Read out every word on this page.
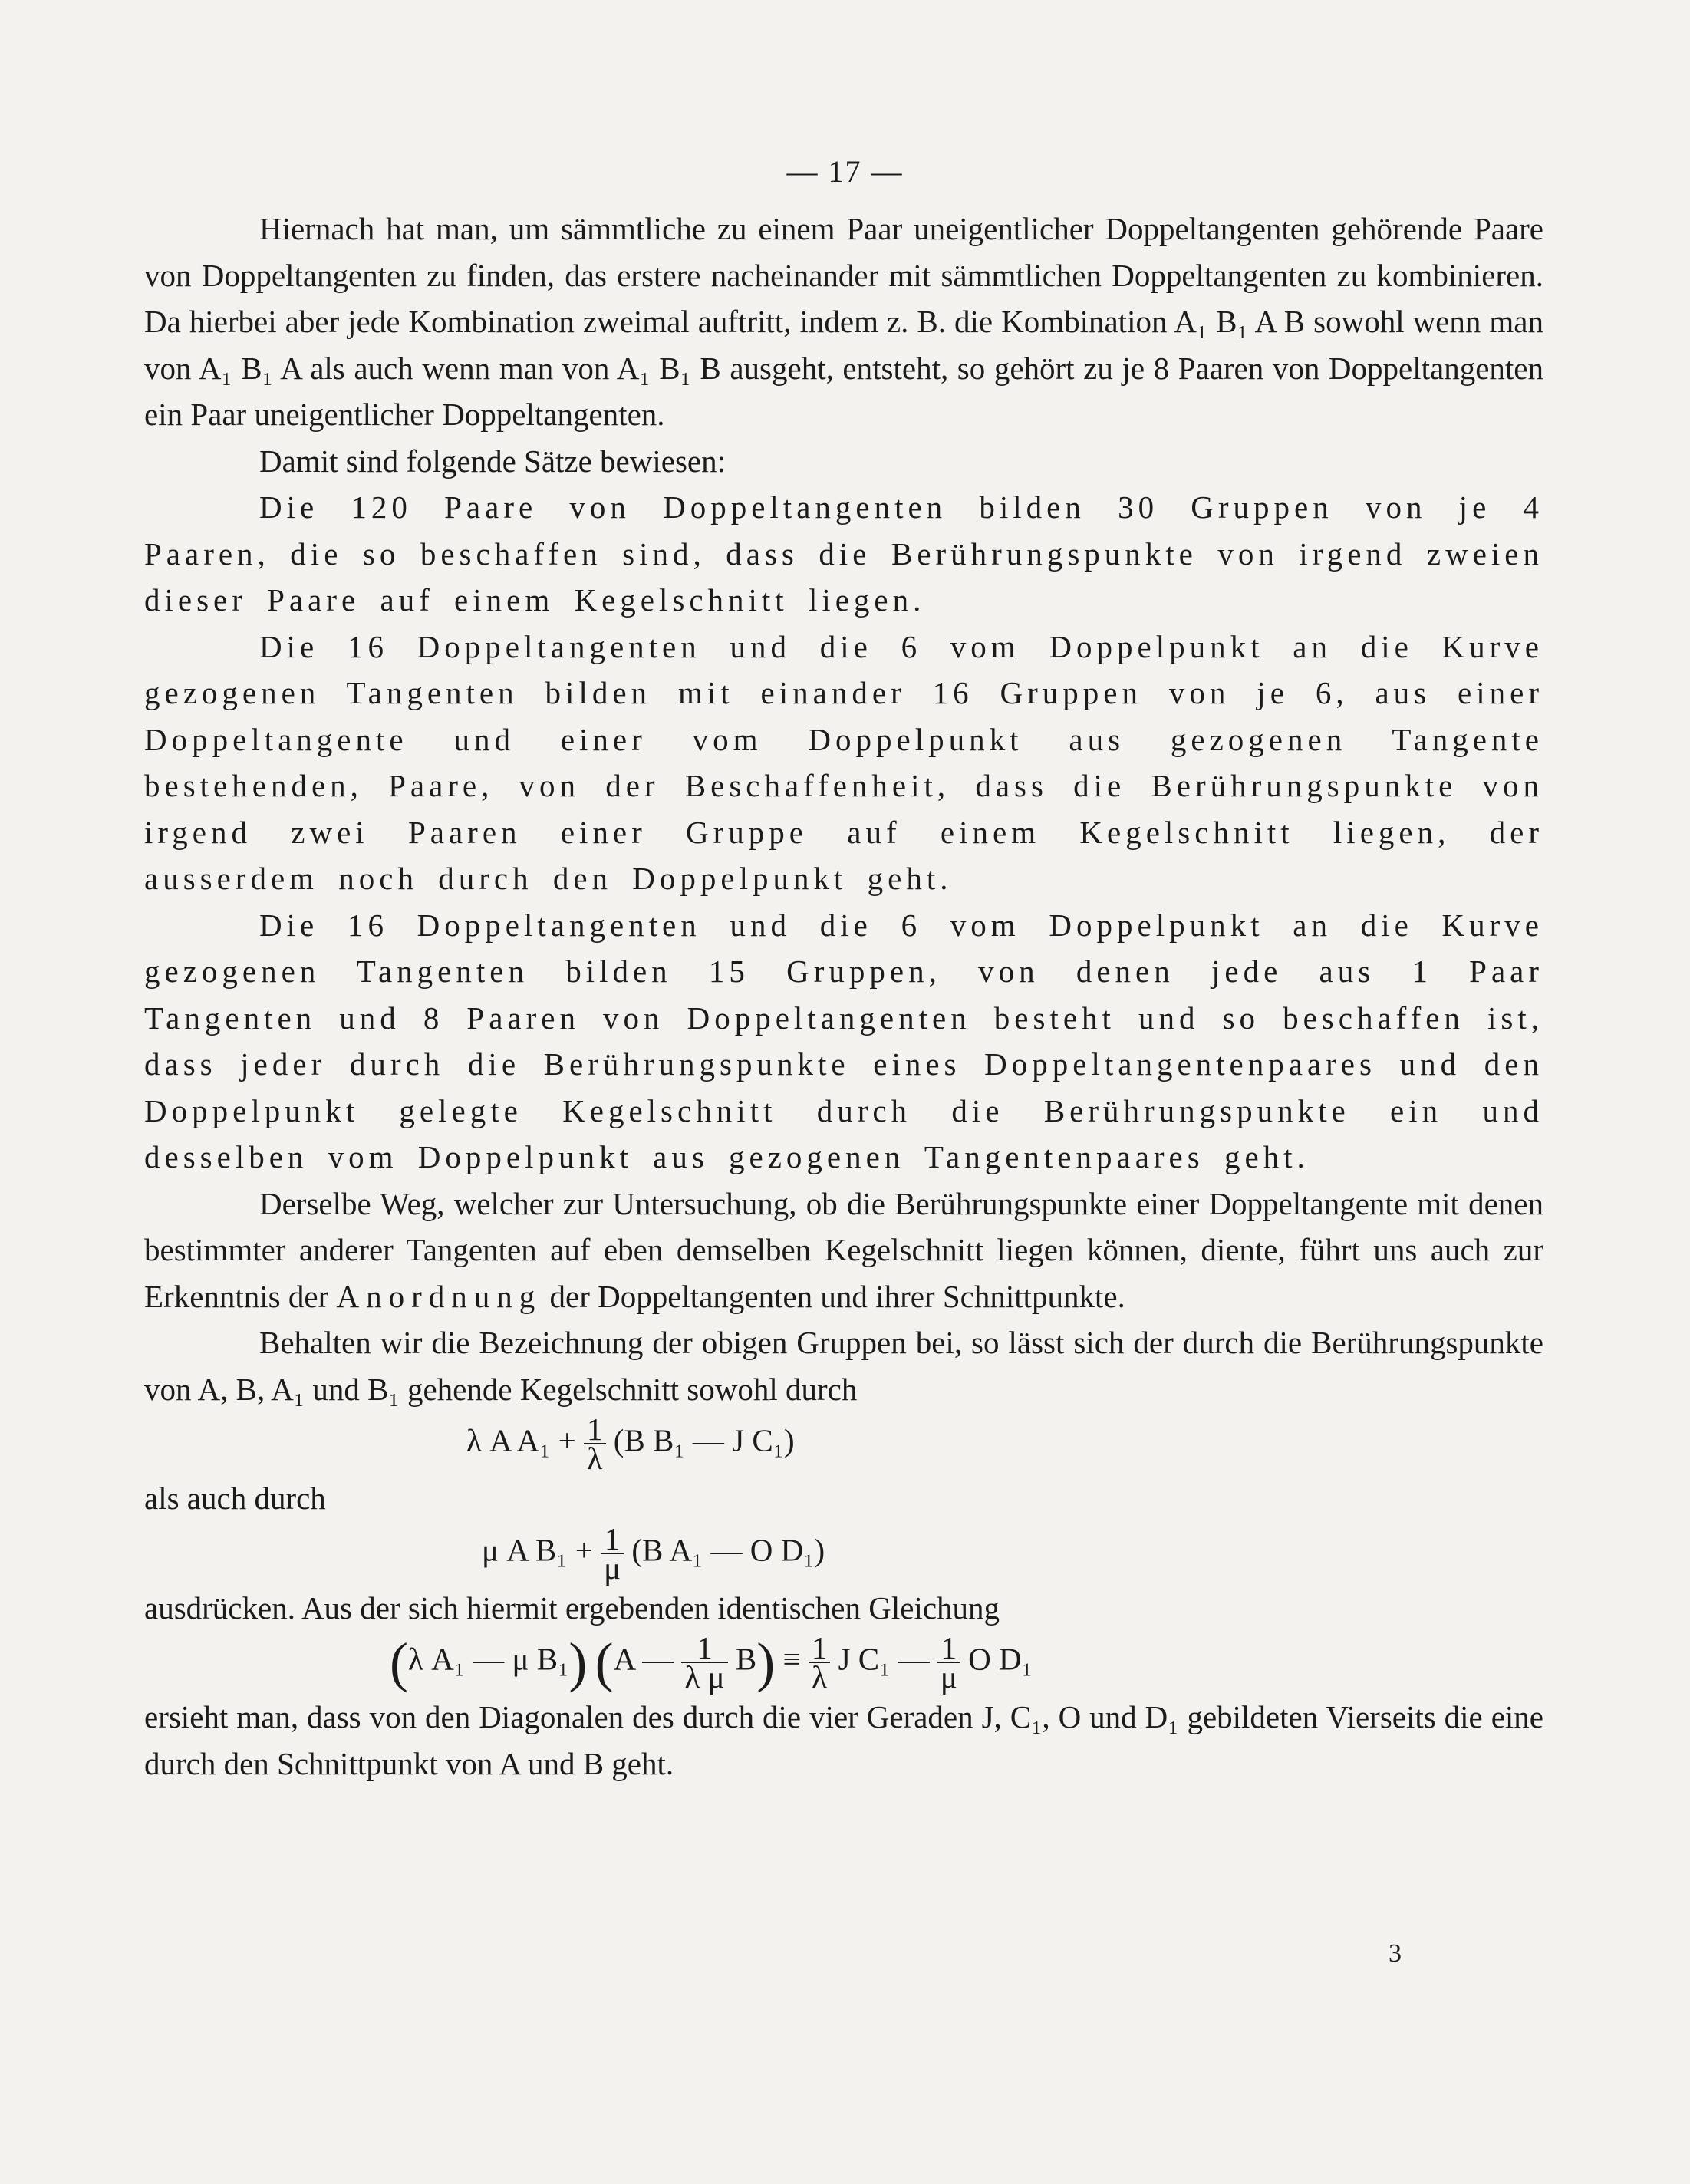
— 17 —

Hiernach hat man, um sämmtliche zu einem Paar uneigentlicher Doppeltangenten gehörende Paare von Doppeltangenten zu finden, das erstere nacheinander mit sämmtlichen Doppeltangenten zu kombinieren. Da hierbei aber jede Kombination zweimal auftritt, indem z. B. die Kombination A₁ B₁ A B sowohl wenn man von A₁ B₁ A als auch wenn man von A₁ B₁ B ausgeht, entsteht, so gehört zu je 8 Paaren von Doppeltangenten ein Paar uneigentlicher Doppeltangenten.

Damit sind folgende Sätze bewiesen:

Die 120 Paare von Doppeltangenten bilden 30 Gruppen von je 4 Paaren, die so beschaffen sind, dass die Berührungspunkte von irgend zweien dieser Paare auf einem Kegelschnitt liegen.

Die 16 Doppeltangenten und die 6 vom Doppelpunkt an die Kurve gezogenen Tangenten bilden mit einander 16 Gruppen von je 6, aus einer Doppeltangente und einer vom Doppelpunkt aus gezogenen Tangente bestehenden, Paare, von der Beschaffenheit, dass die Berührungspunkte von irgend zwei Paaren einer Gruppe auf einem Kegelschnitt liegen, der ausserdem noch durch den Doppelpunkt geht.

Die 16 Doppeltangenten und die 6 vom Doppelpunkt an die Kurve gezogenen Tangenten bilden 15 Gruppen, von denen jede aus 1 Paar Tangenten und 8 Paaren von Doppeltangenten besteht und so beschaffen ist, dass jeder durch die Berührungspunkte eines Doppeltangentenpaares und den Doppelpunkt gelegte Kegelschnitt durch die Berührungspunkte ein und desselben vom Doppelpunkt aus gezogenen Tangentenpaares geht.

Derselbe Weg, welcher zur Untersuchung, ob die Berührungspunkte einer Doppeltangente mit denen bestimmter anderer Tangenten auf eben demselben Kegelschnitt liegen können, diente, führt uns auch zur Erkenntnis der Anordnung der Doppeltangenten und ihrer Schnittpunkte.

Behalten wir die Bezeichnung der obigen Gruppen bei, so lässt sich der durch die Berührungspunkte von A, B, A₁ und B₁ gehende Kegelschnitt sowohl durch

λ A $A_1 + \frac{1}{\lambda} (B$ B₁ — J C₁)

als auch durch

μ A $B_1 + \frac{1}{\mu} (B$ A₁ — O D₁)

ausdrücken. Aus der sich hiermit ergebenden identischen Gleichung

(λ A₁ — μ B₁) (A — $\frac{1}{\text{λ μ}} B) \equiv \frac{1}{\lambda}$ J C₁ — $\frac{1}{\mu}$ O D₁

ersieht man, dass von den Diagonalen des durch die vier Geraden J, C₁, O und D₁ gebildeten Vierseits die eine durch den Schnittpunkt von A und B geht.

3
